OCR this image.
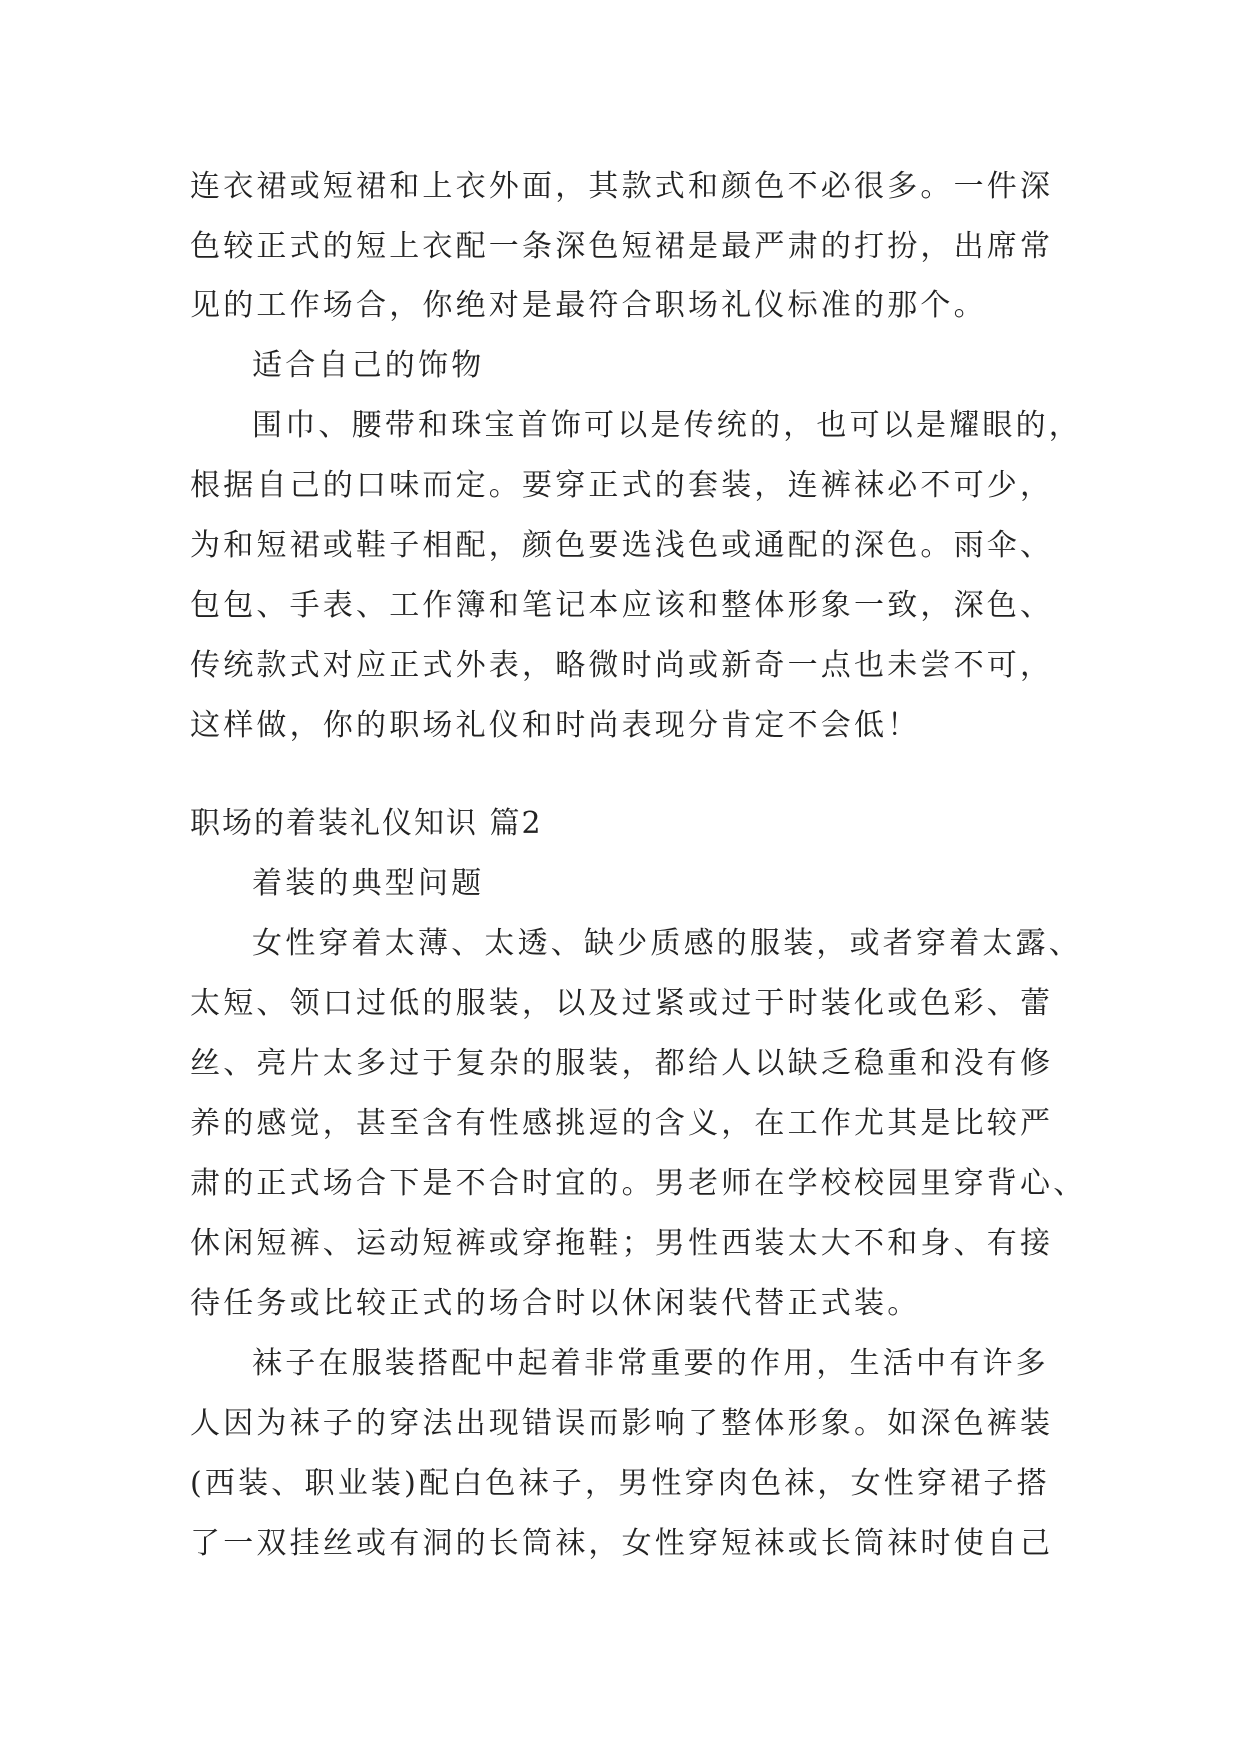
连衣裙或短裙和上衣外面，其款式和颜色不必很多。一件深
色较正式的短上衣配一条深色短裙是最严肃的打扮，出席常
见的工作场合，你绝对是最符合职场礼仪标准的那个。
适合自己的饰物
围巾、腰带和珠宝首饰可以是传统的，也可以是耀眼的，
根据自己的口味而定。要穿正式的套装，连裤袜必不可少，
为和短裙或鞋子相配，颜色要选浅色或通配的深色。雨伞、
包包、手表、工作簿和笔记本应该和整体形象一致，深色、
传统款式对应正式外表，略微时尚或新奇一点也未尝不可，
这样做，你的职场礼仪和时尚表现分肯定不会低！
职场的着装礼仪知识 篇2
着装的典型问题
女性穿着太薄、太透、缺少质感的服装，或者穿着太露、
太短、领口过低的服装，以及过紧或过于时装化或色彩、蕾
丝、亮片太多过于复杂的服装，都给人以缺乏稳重和没有修
养的感觉，甚至含有性感挑逗的含义，在工作尤其是比较严
肃的正式场合下是不合时宜的。男老师在学校校园里穿背心、
休闲短裤、运动短裤或穿拖鞋；男性西装太大不和身、有接
待任务或比较正式的场合时以休闲装代替正式装。
袜子在服装搭配中起着非常重要的作用，生活中有许多
人因为袜子的穿法出现错误而影响了整体形象。如深色裤装
(西装、职业装)配白色袜子，男性穿肉色袜，女性穿裙子搭
了一双挂丝或有洞的长筒袜，女性穿短袜或长筒袜时使自己
